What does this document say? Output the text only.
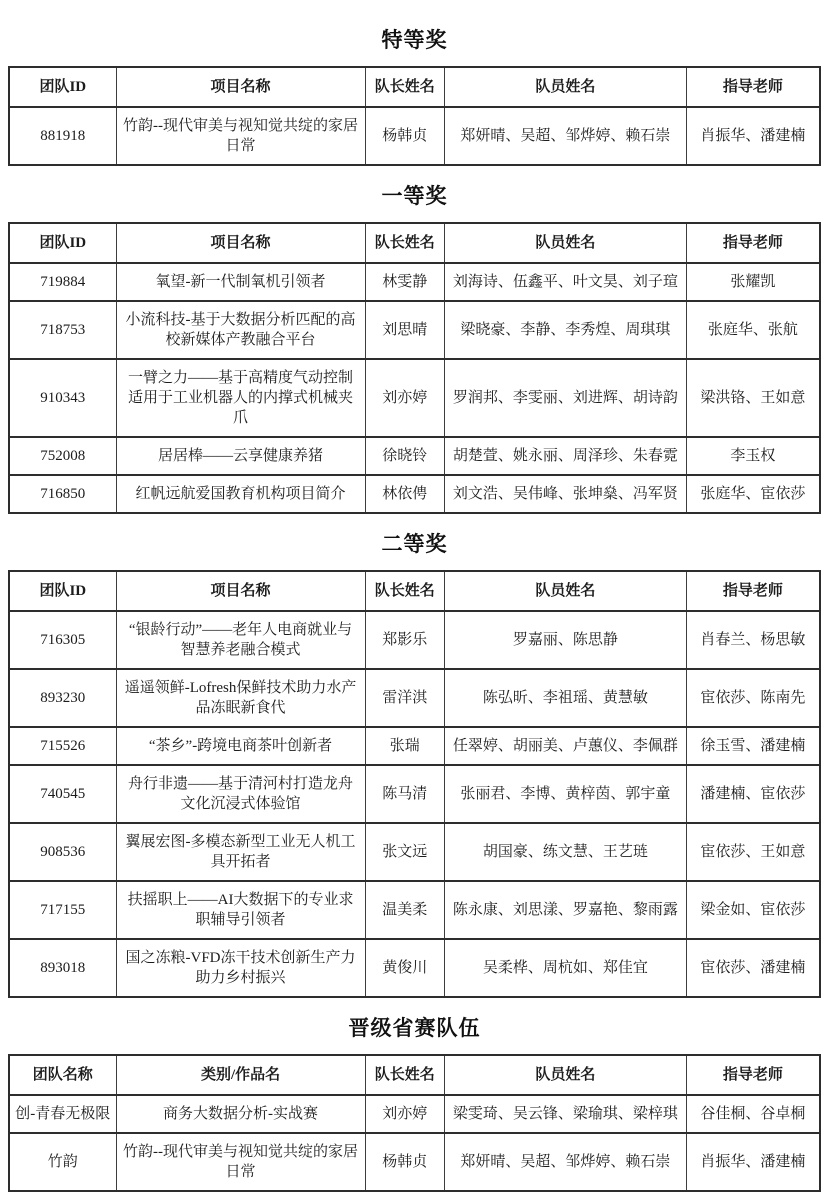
特等奖
团队ID	项目名称	队长姓名	队员姓名	指导老师
881918	竹韵--现代审美与视知觉共绽的家居日常	杨韩贞	郑妍晴、吴超、邹烨婷、赖石崇	肖振华、潘建楠
一等奖
团队ID	项目名称	队长姓名	队员姓名	指导老师
719884	氧望-新一代制氧机引领者	林雯静	刘海诗、伍鑫平、叶文昊、刘子瑄	张耀凯
718753	小流科技-基于大数据分析匹配的高校新媒体产教融合平台	刘思晴	梁晓豪、李静、李秀煌、周琪琪	张庭华、张航
910343	一臂之力——基于高精度气动控制适用于工业机器人的内撑式机械夹爪	刘亦婷	罗润邦、李雯丽、刘进辉、胡诗韵	梁洪铬、王如意
752008	居居棒——云享健康养猪	徐晓铃	胡楚萱、姚永丽、周泽珍、朱春霓	李玉权
716850	红帆远航爱国教育机构项目简介	林依俜	刘文浩、吴伟峰、张坤燊、冯军贤	张庭华、宦依莎
二等奖
团队ID	项目名称	队长姓名	队员姓名	指导老师
716305	“银龄行动”——老年人电商就业与智慧养老融合模式	郑影乐	罗嘉丽、陈思静	肖春兰、杨思敏
893230	遥遥领鲜-Lofresh保鲜技术助力水产品冻眠新食代	雷洋淇	陈弘昕、李祖瑶、黄慧敏	宦依莎、陈南先
715526	“茶乡”-跨境电商茶叶创新者	张瑞	任翠婷、胡丽美、卢蕙仪、李佩群	徐玉雪、潘建楠
740545	舟行非遗——基于清河村打造龙舟文化沉浸式体验馆	陈马清	张丽君、李博、黄梓茵、郭宇童	潘建楠、宦依莎
908536	翼展宏图-多模态新型工业无人机工具开拓者	张文远	胡国豪、练文慧、王艺琏	宦依莎、王如意
717155	扶摇职上——AI大数据下的专业求职辅导引领者	温美柔	陈永康、刘思漾、罗嘉艳、黎雨露	梁金如、宦依莎
893018	国之冻粮-VFD冻干技术创新生产力助力乡村振兴	黄俊川	吴柔桦、周杭如、郑佳宜	宦依莎、潘建楠
晋级省赛队伍
团队名称	类别/作品名	队长姓名	队员姓名	指导老师
创-青春无极限	商务大数据分析-实战赛	刘亦婷	梁雯琦、吴云锋、梁瑜琪、梁梓琪	谷佳桐、谷卓桐
竹韵	竹韵--现代审美与视知觉共绽的家居日常	杨韩贞	郑妍晴、吴超、邹烨婷、赖石崇	肖振华、潘建楠
